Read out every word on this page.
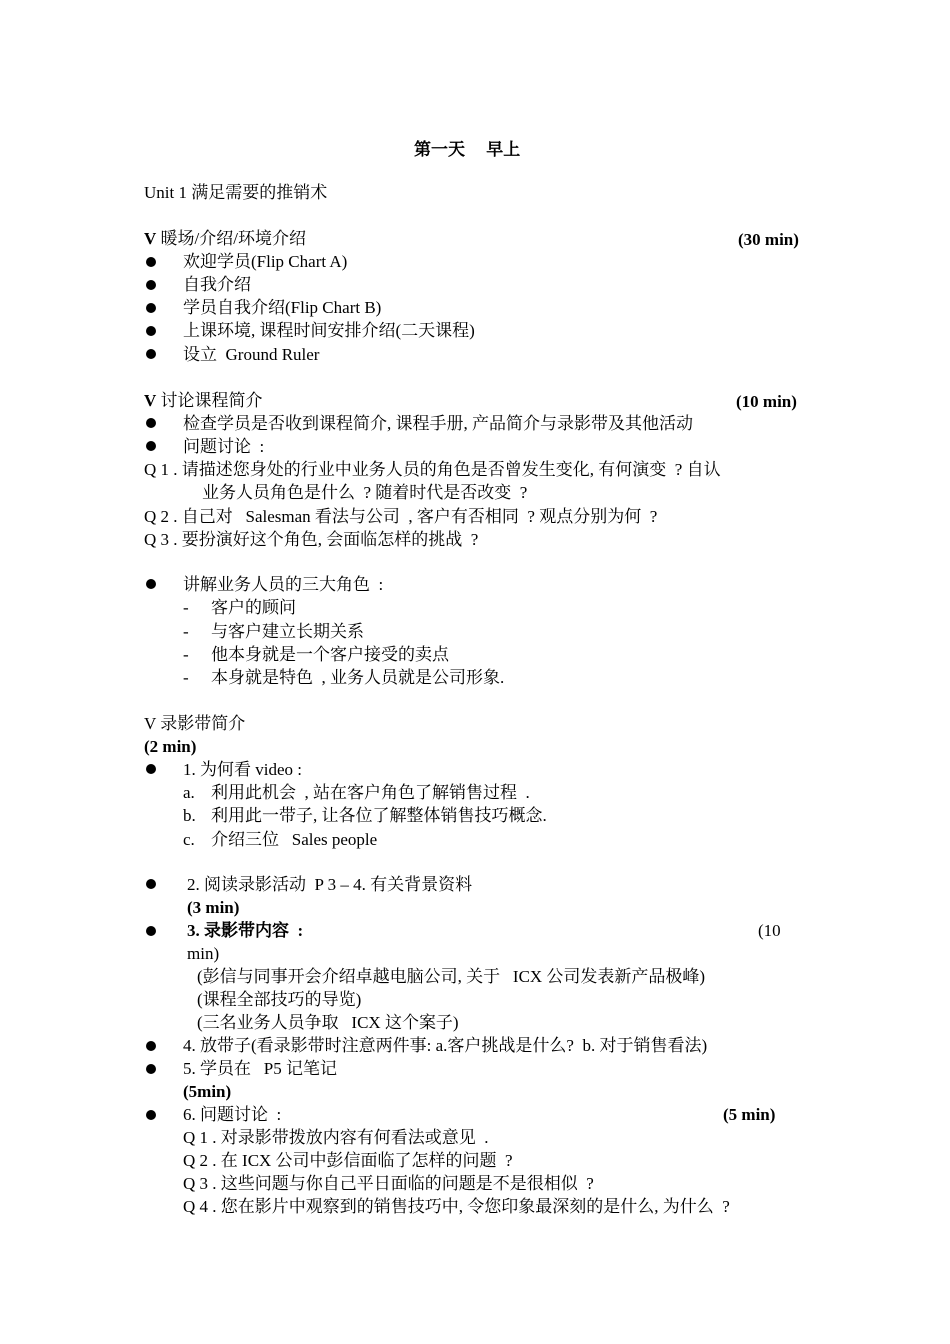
第一天　 早上
Unit 1 满足需要的推销术
V 暖场/介绍/环境介绍	(30 min)
欢迎学员(Flip Chart A)
自我介绍
学员自我介绍(Flip Chart B)
上课环境, 课程时间安排介绍(二天课程)
设立  Ground Ruler
V 讨论课程简介	(10 min)
检查学员是否收到课程简介, 课程手册, 产品简介与录影带及其他活动
问题讨论  :
Q 1 . 请描述您身处的行业中业务人员的角色是否曾发生变化, 有何演变  ? 自认
业务人员角色是什么  ? 随着时代是否改变  ?
Q 2 . 自己对   Salesman 看法与公司  , 客户有否相同  ? 观点分别为何  ?
Q 3 . 要扮演好这个角色, 会面临怎样的挑战  ?
讲解业务人员的三大角色  :
- 客户的顾问
- 与客户建立长期关系
- 他本身就是一个客户接受的卖点
- 本身就是特色  , 业务人员就是公司形象.
V 录影带简介
(2 min)
1. 为何看 video :
a. 利用此机会  , 站在客户角色了解销售过程  .
b. 利用此一带子, 让各位了解整体销售技巧概念.
c. 介绍三位   Sales people
2. 阅读录影活动  P 3 – 4. 有关背景资料
(3 min)
3. 录影带内容  :	(10
min)
(彭信与同事开会介绍卓越电脑公司, 关于   ICX 公司发表新产品极峰)
(课程全部技巧的导览)
(三名业务人员争取   ICX 这个案子)
4. 放带子(看录影带时注意两件事: a.客户挑战是什么?  b. 对于销售看法)
5. 学员在   P5 记笔记
(5min)
6. 问题讨论  :	(5 min)
Q 1 . 对录影带拨放内容有何看法或意见  .
Q 2 . 在 ICX 公司中彭信面临了怎样的问题  ?
Q 3 . 这些问题与你自己平日面临的问题是不是很相似  ?
Q 4 . 您在影片中观察到的销售技巧中, 令您印象最深刻的是什么, 为什么  ?
